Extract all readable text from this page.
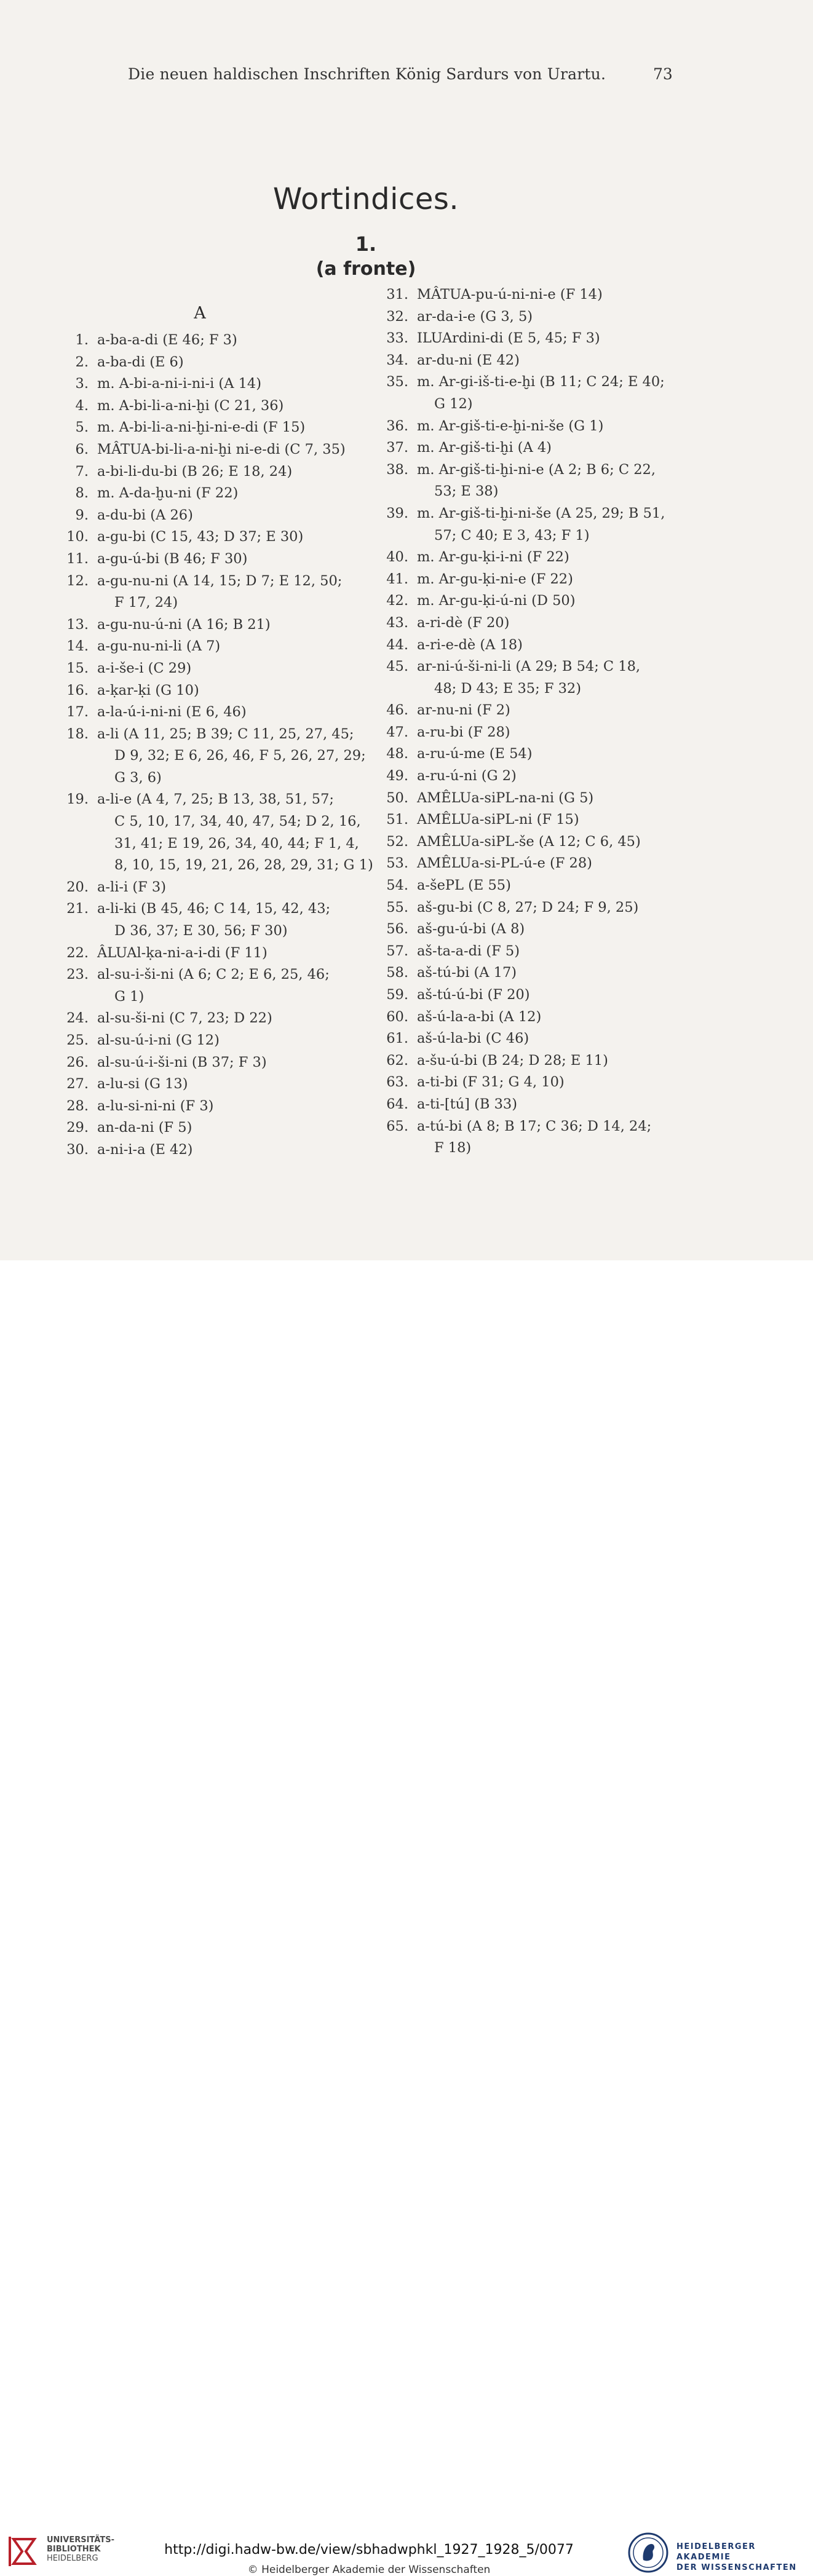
Die neuen haldischen Inschriften König Sardurs von Urartu.	73
Wortindices.
1.
(a fronte)
A
1. a-ba-a-di (E 46; F 3)
2. a-ba-di (E 6)
3. m. A-bi-a-ni-i-ni-i (A 14)
4. m. A-bi-li-a-ni-ḫi (C 21, 36)
5. m. A-bi-li-a-ni-ḫi-ni-e-di (F 15)
6. MÂTUA-bi-li-a-ni-ḫi ni-e-di (C 7, 35)
7. a-bi-li-du-bi (B 26; E 18, 24)
8. m. A-da-ḫu-ni (F 22)
9. a-du-bi (A 26)
10. a-gu-bi (C 15, 43; D 37; E 30)
11. a-gu-ú-bi (B 46; F 30)
12. a-gu-nu-ni (A 14, 15; D 7; E 12, 50;
F 17, 24)
13. a-gu-nu-ú-ni (A 16; B 21)
14. a-gu-nu-ni-li (A 7)
15. a-i-še-i (C 29)
16. a-ḳar-ḳi (G 10)
17. a-la-ú-i-ni-ni (E 6, 46)
18. a-li (A 11, 25; B 39; C 11, 25, 27, 45;
D 9, 32; E 6, 26, 46, F 5, 26, 27, 29;
G 3, 6)
19. a-li-e (A 4, 7, 25; B 13, 38, 51, 57;
C 5, 10, 17, 34, 40, 47, 54; D 2, 16,
31, 41; E 19, 26, 34, 40, 44; F 1, 4,
8, 10, 15, 19, 21, 26, 28, 29, 31; G 1)
20. a-li-i (F 3)
21. a-li-ki (B 45, 46; C 14, 15, 42, 43;
D 36, 37; E 30, 56; F 30)
22. ÂLUAl-ḳa-ni-a-i-di (F 11)
23. al-su-i-ši-ni (A 6; C 2; E 6, 25, 46;
G 1)
24. al-su-ši-ni (C 7, 23; D 22)
25. al-su-ú-i-ni (G 12)
26. al-su-ú-i-ši-ni (B 37; F 3)
27. a-lu-si (G 13)
28. a-lu-si-ni-ni (F 3)
29. an-da-ni (F 5)
30. a-ni-i-a (E 42)
31. MÂTUA-pu-ú-ni-ni-e (F 14)
32. ar-da-i-e (G 3, 5)
33. ILUArdini-di (E 5, 45; F 3)
34. ar-du-ni (E 42)
35. m. Ar-gi-iš-ti-e-ḫi (B 11; C 24; E 40;
G 12)
36. m. Ar-giš-ti-e-ḫi-ni-še (G 1)
37. m. Ar-giš-ti-ḫi (A 4)
38. m. Ar-giš-ti-ḫi-ni-e (A 2; B 6; C 22,
53; E 38)
39. m. Ar-giš-ti-ḫi-ni-še (A 25, 29; B 51,
57; C 40; E 3, 43; F 1)
40. m. Ar-gu-ḳi-i-ni (F 22)
41. m. Ar-gu-ḳi-ni-e (F 22)
42. m. Ar-gu-ḳi-ú-ni (D 50)
43. a-ri-dè (F 20)
44. a-ri-e-dè (A 18)
45. ar-ni-ú-ši-ni-li (A 29; B 54; C 18,
48; D 43; E 35; F 32)
46. ar-nu-ni (F 2)
47. a-ru-bi (F 28)
48. a-ru-ú-me (E 54)
49. a-ru-ú-ni (G 2)
50. AMÊLUa-siPL-na-ni (G 5)
51. AMÊLUa-siPL-ni (F 15)
52. AMÊLUa-siPL-še (A 12; C 6, 45)
53. AMÊLUa-si-PL-ú-e (F 28)
54. a-šePL (E 55)
55. aš-gu-bi (C 8, 27; D 24; F 9, 25)
56. aš-gu-ú-bi (A 8)
57. aš-ta-a-di (F 5)
58. aš-tú-bi (A 17)
59. aš-tú-ú-bi (F 20)
60. aš-ú-la-a-bi (A 12)
61. aš-ú-la-bi (C 46)
62. a-šu-ú-bi (B 24; D 28; E 11)
63. a-ti-bi (F 31; G 4, 10)
64. a-ti-[tú] (B 33)
65. a-tú-bi (A 8; B 17; C 36; D 14, 24;
F 18)
UNIVERSITÄTS-
BIBLIOTHEK
HEIDELBERG
http://digi.hadw-bw.de/view/sbhadwphkl_1927_1928_5/0077
© Heidelberger Akademie der Wissenschaften
HEIDELBERGER AKADEMIE
DER WISSENSCHAFTEN
